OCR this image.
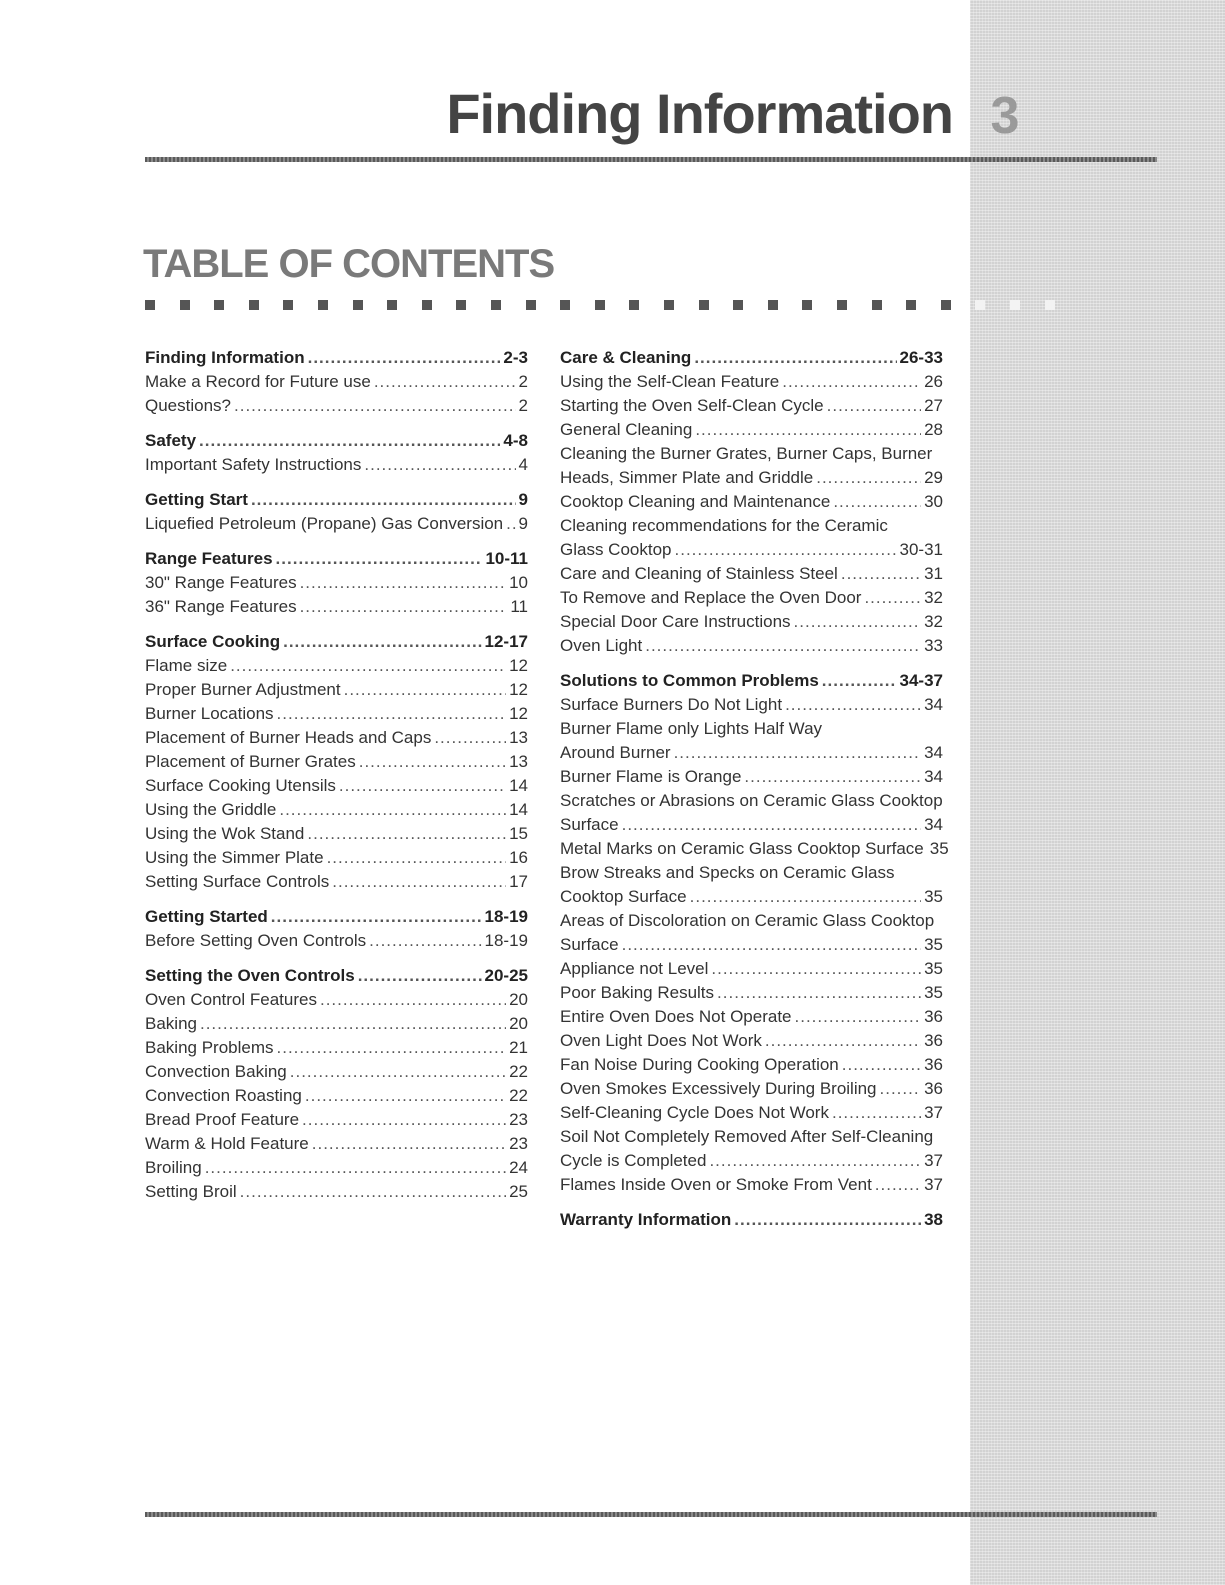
Finding Information 3
TABLE OF CONTENTS
Finding Information .....	2-3
Make a Record for Future use .....	2
Questions? .....	2
Safety .....	4-8
Important Safety Instructions .....	4
Getting Start .....	9
Liquefied Petroleum (Propane) Gas Conversion ..... 9
Range Features .....	10-11
30" Range Features .....	10
36" Range Features .....	11
Surface Cooking .....	12-17
Flame size .....	12
Proper Burner Adjustment .....	12
Burner Locations .....	12
Placement of Burner Heads and Caps .....	13
Placement of Burner Grates .....	13
Surface Cooking Utensils .....	14
Using the Griddle .....	14
Using the Wok Stand .....	15
Using the Simmer Plate .....	16
Setting Surface Controls .....	17
Getting Started .....	18-19
Before Setting Oven Controls .....	18-19
Setting the Oven Controls .....	20-25
Oven Control Features .....	20
Baking .....	20
Baking Problems .....	21
Convection Baking .....	22
Convection Roasting .....	22
Bread Proof Feature .....	23
Warm & Hold Feature .....	23
Broiling .....	24
Setting Broil .....	25
Care & Cleaning .....	26-33
Using the Self-Clean Feature .....	26
Starting the Oven Self-Clean Cycle .....	27
General Cleaning .....	28
Cleaning the Burner Grates, Burner Caps, Burner
Heads, Simmer Plate and Griddle .....	29
Cooktop Cleaning and Maintenance .....	30
Cleaning recommendations for the Ceramic
Glass Cooktop .....	30-31
Care and Cleaning of Stainless Steel .....	31
To Remove and Replace the Oven Door .....	32
Special Door Care Instructions .....	32
Oven Light .....	33
Solutions to Common Problems .....	34-37
Surface Burners Do Not Light .....	34
Burner Flame only Lights Half Way
Around Burner .....	34
Burner Flame is Orange .....	34
Scratches or Abrasions on Ceramic Glass Cooktop
Surface .....	34
Metal Marks on Ceramic Glass Cooktop Surface 35
Brow Streaks and Specks on Ceramic Glass
Cooktop Surface .....	35
Areas of Discoloration on Ceramic Glass Cooktop
Surface .....	35
Appliance not Level .....	35
Poor Baking Results .....	35
Entire Oven Does Not Operate .....	36
Oven Light Does Not Work .....	36
Fan Noise During Cooking Operation .....	36
Oven Smokes Excessively During Broiling .....	36
Self-Cleaning Cycle Does Not Work .....	37
Soil Not Completely Removed After Self-Cleaning
Cycle is Completed .....	37
Flames Inside Oven or Smoke From Vent .....	37
Warranty Information .....	38
